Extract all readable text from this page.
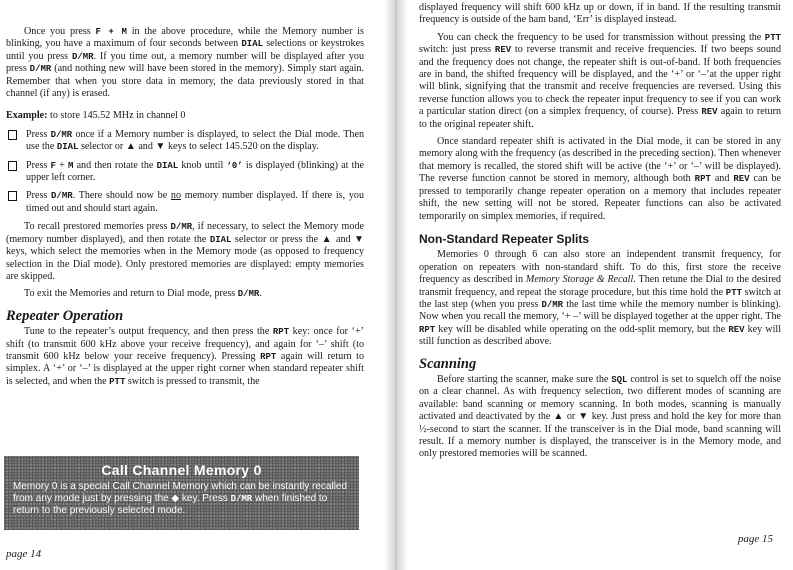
Once you press F + M in the above procedure, while the Memory number is blinking, you have a maximum of four seconds between DIAL selections or keystrokes until you press D/MR. If you time out, a memory number will be displayed after you press D/MR (and nothing new will have been stored in the memory). Simply start again. Remember that when you store data in memory, the data previously stored in that channel (if any) is erased.

Example: to store 145.52 MHz in channel 0

Press D/MR once if a Memory number is displayed, to select the Dial mode. Then use the DIAL selector or ▲ and ▼ keys to select 145.520 on the display.

Press F + M and then rotate the DIAL knob until ‘0’ is displayed (blinking) at the upper left corner.

Press D/MR. There should now be no memory number displayed. If there is, you timed out and should start again.

To recall prestored memories press D/MR, if necessary, to select the Memory mode (memory number displayed), and then rotate the DIAL selector or press the ▲ and ▼ keys, which select the memories when in the Memory mode (as opposed to frequency selection in the Dial mode). Only prestored memories are displayed: empty memories are skipped.

To exit the Memories and return to Dial mode, press D/MR.

Repeater Operation

Tune to the repeater’s output frequency, and then press the RPT key: once for ‘+’ shift (to transmit 600 kHz above your receive frequency), and again for ‘–’ shift (to transmit 600 kHz below your receive frequency). Pressing RPT again will return to simplex. A ‘+’ or ‘–’ is displayed at the upper right corner when standard repeater shift is selected, and when the PTT switch is pressed to transmit, the

Call Channel Memory 0
Memory 0 is a special Call Channel Memory which can be instantly recalled from any mode just by pressing the ◆ key. Press D/MR when finished to return to the previously selected mode.
page 14

displayed frequency will shift 600 kHz up or down, if in band. If the resulting transmit frequency is outside of the ham band, ‘Err’ is displayed instead.

You can check the frequency to be used for transmission without pressing the PTT switch: just press REV to reverse transmit and receive frequencies. If two beeps sound and the frequency does not change, the repeater shift is out-of-band. If both frequencies are in band, the shifted frequency will be displayed, and the ‘+’ or ‘–’at the upper right will blink, signifying that the transmit and receive frequencies are reversed. Using this reverse function allows you to check the repeater input frequency to see if you can work a particular station direct (on a simplex frequency, of course). Press REV again to return to the original repeater shift.

Once standard repeater shift is activated in the Dial mode, it can be stored in any memory along with the frequency (as described in the preceding section). Then whenever that memory is recalled, the stored shift will be active (the ‘+’ or ‘–’ will be displayed). The reverse function cannot be stored in memory, although both RPT and REV can be pressed to temporarily change repeater operation on a memory that includes repeater shift, the new setting will not be stored. Repeater functions can also be activated temporarily on simplex memories, if required.

Non-Standard Repeater Splits

Memories 0 through 6 can also store an independent transmit frequency, for operation on repeaters with non-standard shift. To do this, first store the receive frequency as described in Memory Storage & Recall. Then retune the Dial to the desired transmit frequency, and repeat the storage procedure, but this time hold the PTT switch at the last step (when you press D/MR the last time while the memory number is blinking). Now when you recall the memory, ‘+ –’ will be displayed together at the upper right. The RPT key will be disabled while operating on the odd-split memory, but the REV key will still function as described above.

Scanning

Before starting the scanner, make sure the SQL control is set to squelch off the noise on a clear channel. As with frequency selection, two different modes of scanning are available: band scanning or memory scanning. In both modes, scanning is manually activated and deactivated by the ▲ or ▼ key. Just press and hold the key for more than ½-second to start the scanner. If the transceiver is in the Dial mode, band scanning will result. If a memory number is displayed, the transceiver is in the Memory mode, and only prestored memories will be scanned.

page 15
